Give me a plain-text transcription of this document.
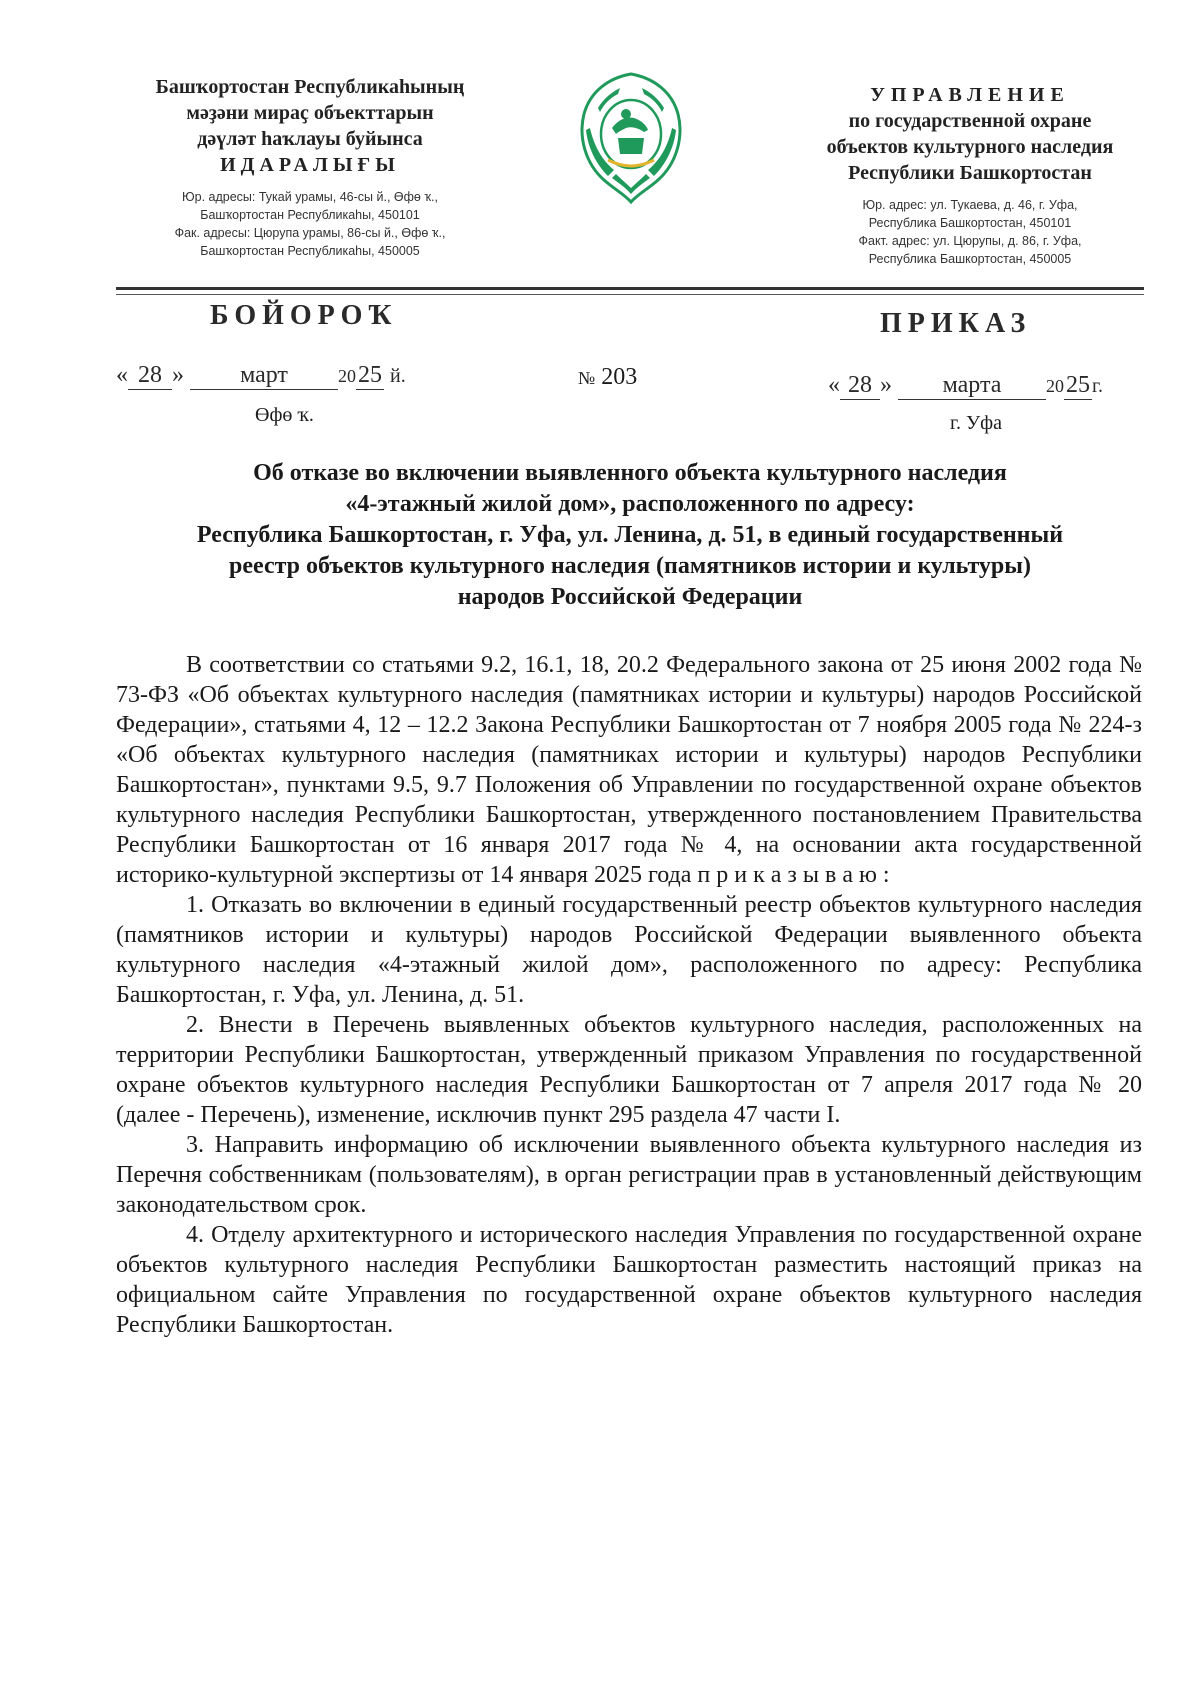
Башҡортостан Республикаһының
мәҙәни мираҫ объекттарын
дәүләт һаҡлауы буйынса
ИДАРАЛЫҒЫ
Юр. адресы: Тукай урамы, 46-сы й., Өфө ҡ.,
Башҡортостан Республикаһы, 450101
Фак. адресы: Цюрупа урамы, 86-сы й., Өфө ҡ.,
Башҡортостан Республикаһы, 450005
УПРАВЛЕНИЕ
по государственной охране
объектов культурного наследия
Республики Башкортостан
Юр. адрес: ул. Тукаева, д. 46, г. Уфа,
Республика Башкортостан, 450101
Факт. адрес: ул. Цюрупы, д. 86, г. Уфа,
Республика Башкортостан, 450005
БОЙОРОҠ	ПРИКАЗ
« 28 » март	2025 й.	№ 203	« 28 » марта 2025 г.
Өфө ҡ.	г. Уфа
Об отказе во включении выявленного объекта культурного наследия
«4-этажный жилой дом», расположенного по адресу:
Республика Башкортостан, г. Уфа, ул. Ленина, д. 51, в единый государственный
реестр объектов культурного наследия (памятников истории и культуры)
народов Российской Федерации

В соответствии со статьями 9.2, 16.1, 18, 20.2 Федерального закона от 25 июня 2002 года № 73-ФЗ «Об объектах культурного наследия (памятниках истории и культуры) народов Российской Федерации», статьями 4, 12 – 12.2 Закона Республики Башкортостан от 7 ноября 2005 года № 224-з «Об объектах культурного наследия (памятниках истории и культуры) народов Республики Башкортостан», пунктами 9.5, 9.7 Положения об Управлении по государственной охране объектов культурного наследия Республики Башкортостан, утвержденного постановлением Правительства Республики Башкортостан от 16 января 2017 года № 4, на основании акта государственной историко-культурной экспертизы от 14 января 2025 года п р и к а з ы в а ю :

1. Отказать во включении в единый государственный реестр объектов культурного наследия (памятников истории и культуры) народов Российской Федерации выявленного объекта культурного наследия «4-этажный жилой дом», расположенного по адресу: Республика Башкортостан, г. Уфа, ул. Ленина, д. 51.

2. Внести в Перечень выявленных объектов культурного наследия, расположенных на территории Республики Башкортостан, утвержденный приказом Управления по государственной охране объектов культурного наследия Республики Башкортостан от 7 апреля 2017 года № 20 (далее - Перечень), изменение, исключив пункт 295 раздела 47 части I.

3. Направить информацию об исключении выявленного объекта культурного наследия из Перечня собственникам (пользователям), в орган регистрации прав в установленный действующим законодательством срок.

4. Отделу архитектурного и исторического наследия Управления по государственной охране объектов культурного наследия Республики Башкортостан разместить настоящий приказ на официальном сайте Управления по государственной охране объектов культурного наследия Республики Башкортостан.
